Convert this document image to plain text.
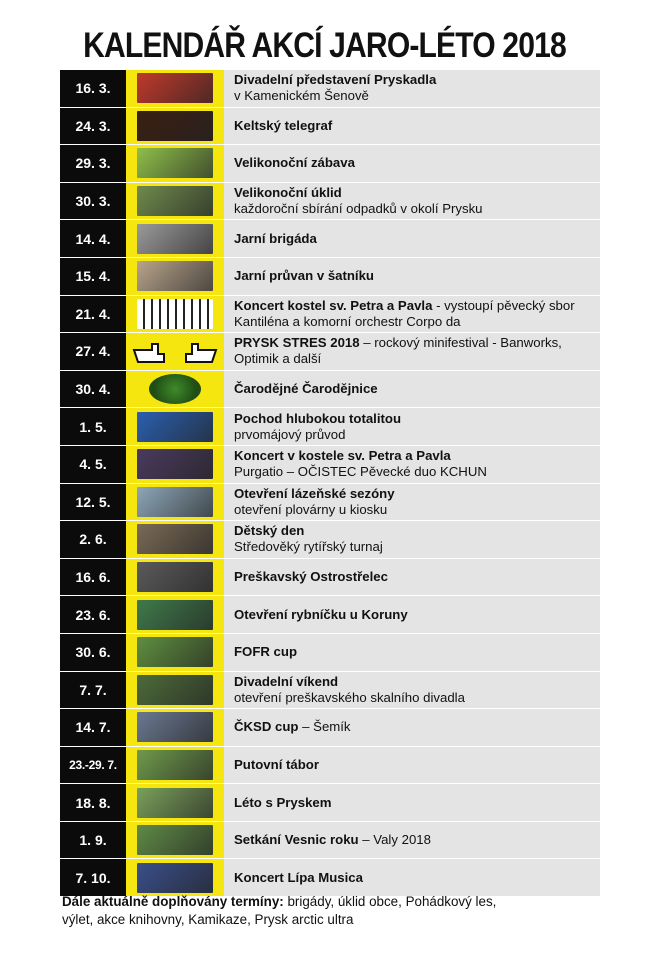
KALENDÁŘ AKCÍ JARO-LÉTO 2018
16. 3.
Divadelní představení Pryskadla
v Kamenickém Šenově
24. 3.	Keltský telegraf
29. 3.	Velikonoční zábava
30. 3.
Velikonoční úklid
každoroční sbírání odpadků v okolí Prysku
14. 4.	Jarní brigáda
15. 4.	Jarní průvan v šatníku
21. 4.
Koncert kostel sv. Petra a Pavla - vystoupí pěvecký sbor
Kantiléna a komorní orchestr Corpo da
27. 4.
PRYSK STRES 2018 – rockový minifestival - Banworks,
Optimik a další
30. 4.	Čarodějné Čarodějnice
1. 5.
Pochod hlubokou totalitou
prvomájový průvod
4. 5.
Koncert v kostele sv. Petra a Pavla
Purgatio – OČISTEC Pěvecké duo KCHUN
12. 5.
Otevření lázeňské sezóny
otevření plovárny u kiosku
2. 6.
Dětský den
Středověký rytířský turnaj
16. 6.	Preškavský Ostrostřelec
23. 6.	Otevření rybníčku u Koruny
30. 6.	FOFR cup
7. 7.
Divadelní víkend
otevření preškavského skalního divadla
14. 7.	ČKSD cup – Šemík
23.-29. 7.	Putovní tábor
18. 8.	Léto s Pryskem
1. 9.	Setkání Vesnic roku – Valy 2018
7. 10.	Koncert Lípa Musica
Dále aktuálně doplňovány termíny: brigády, úklid obce, Pohádkový les,
výlet, akce knihovny, Kamikaze, Prysk arctic ultra
